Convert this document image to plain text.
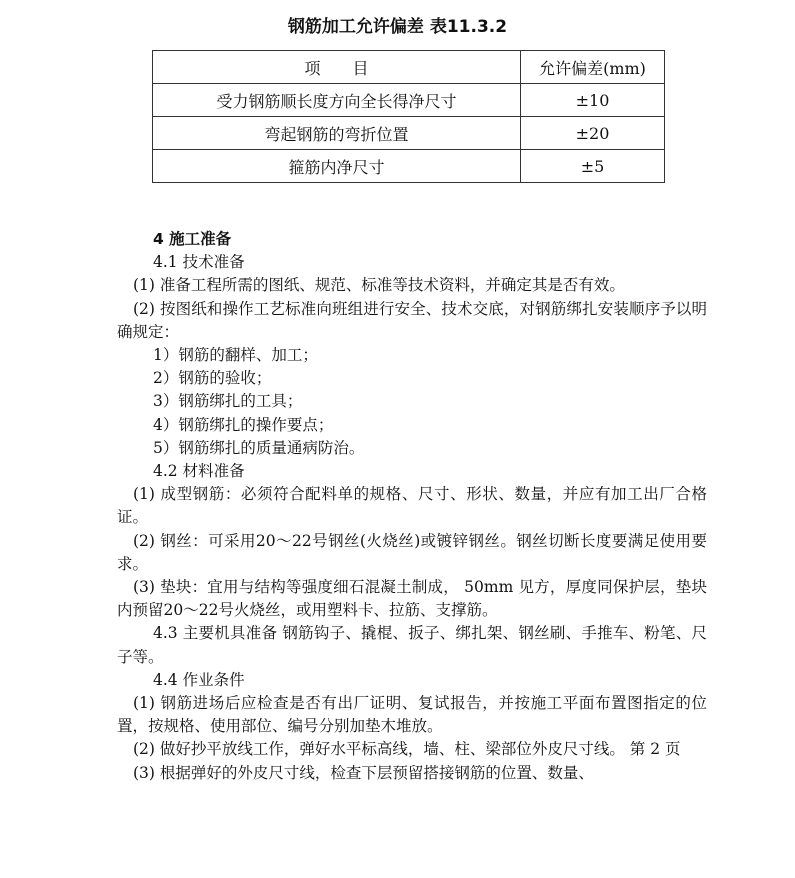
钢筋加工允许偏差 表11.3.2
项　　目	允许偏差(mm)
受力钢筋顺长度方向全长得净尺寸	±10
弯起钢筋的弯折位置	±20
箍筋内净尺寸	±5

4 施工准备

4.1 技术准备

(1) 准备工程所需的图纸、规范、标准等技术资料，并确定其是否有效。

(2) 按图纸和操作工艺标准向班组进行安全、技术交底，对钢筋绑扎安装顺序予以明确规定：

1）钢筋的翻样、加工；

2）钢筋的验收；

3）钢筋绑扎的工具；

4）钢筋绑扎的操作要点；

5）钢筋绑扎的质量通病防治。

4.2 材料准备

(1) 成型钢筋：必须符合配料单的规格、尺寸、形状、数量，并应有加工出厂合格证。

(2) 钢丝：可采用20～22号钢丝(火烧丝)或镀锌钢丝。钢丝切断长度要满足使用要求。

(3) 垫块：宜用与结构等强度细石混凝土制成， 50mm 见方，厚度同保护层，垫块内预留20～22号火烧丝，或用塑料卡、拉筋、支撑筋。

4.3 主要机具准备 钢筋钩子、撬棍、扳子、绑扎架、钢丝刷、手推车、粉笔、尺子等。

4.4 作业条件

(1) 钢筋进场后应检查是否有出厂证明、复试报告，并按施工平面布置图指定的位置，按规格、使用部位、编号分别加垫木堆放。

(2) 做好抄平放线工作，弹好水平标高线，墙、柱、梁部位外皮尺寸线。 第 2 页

(3) 根据弹好的外皮尺寸线，检查下层预留搭接钢筋的位置、数量、
